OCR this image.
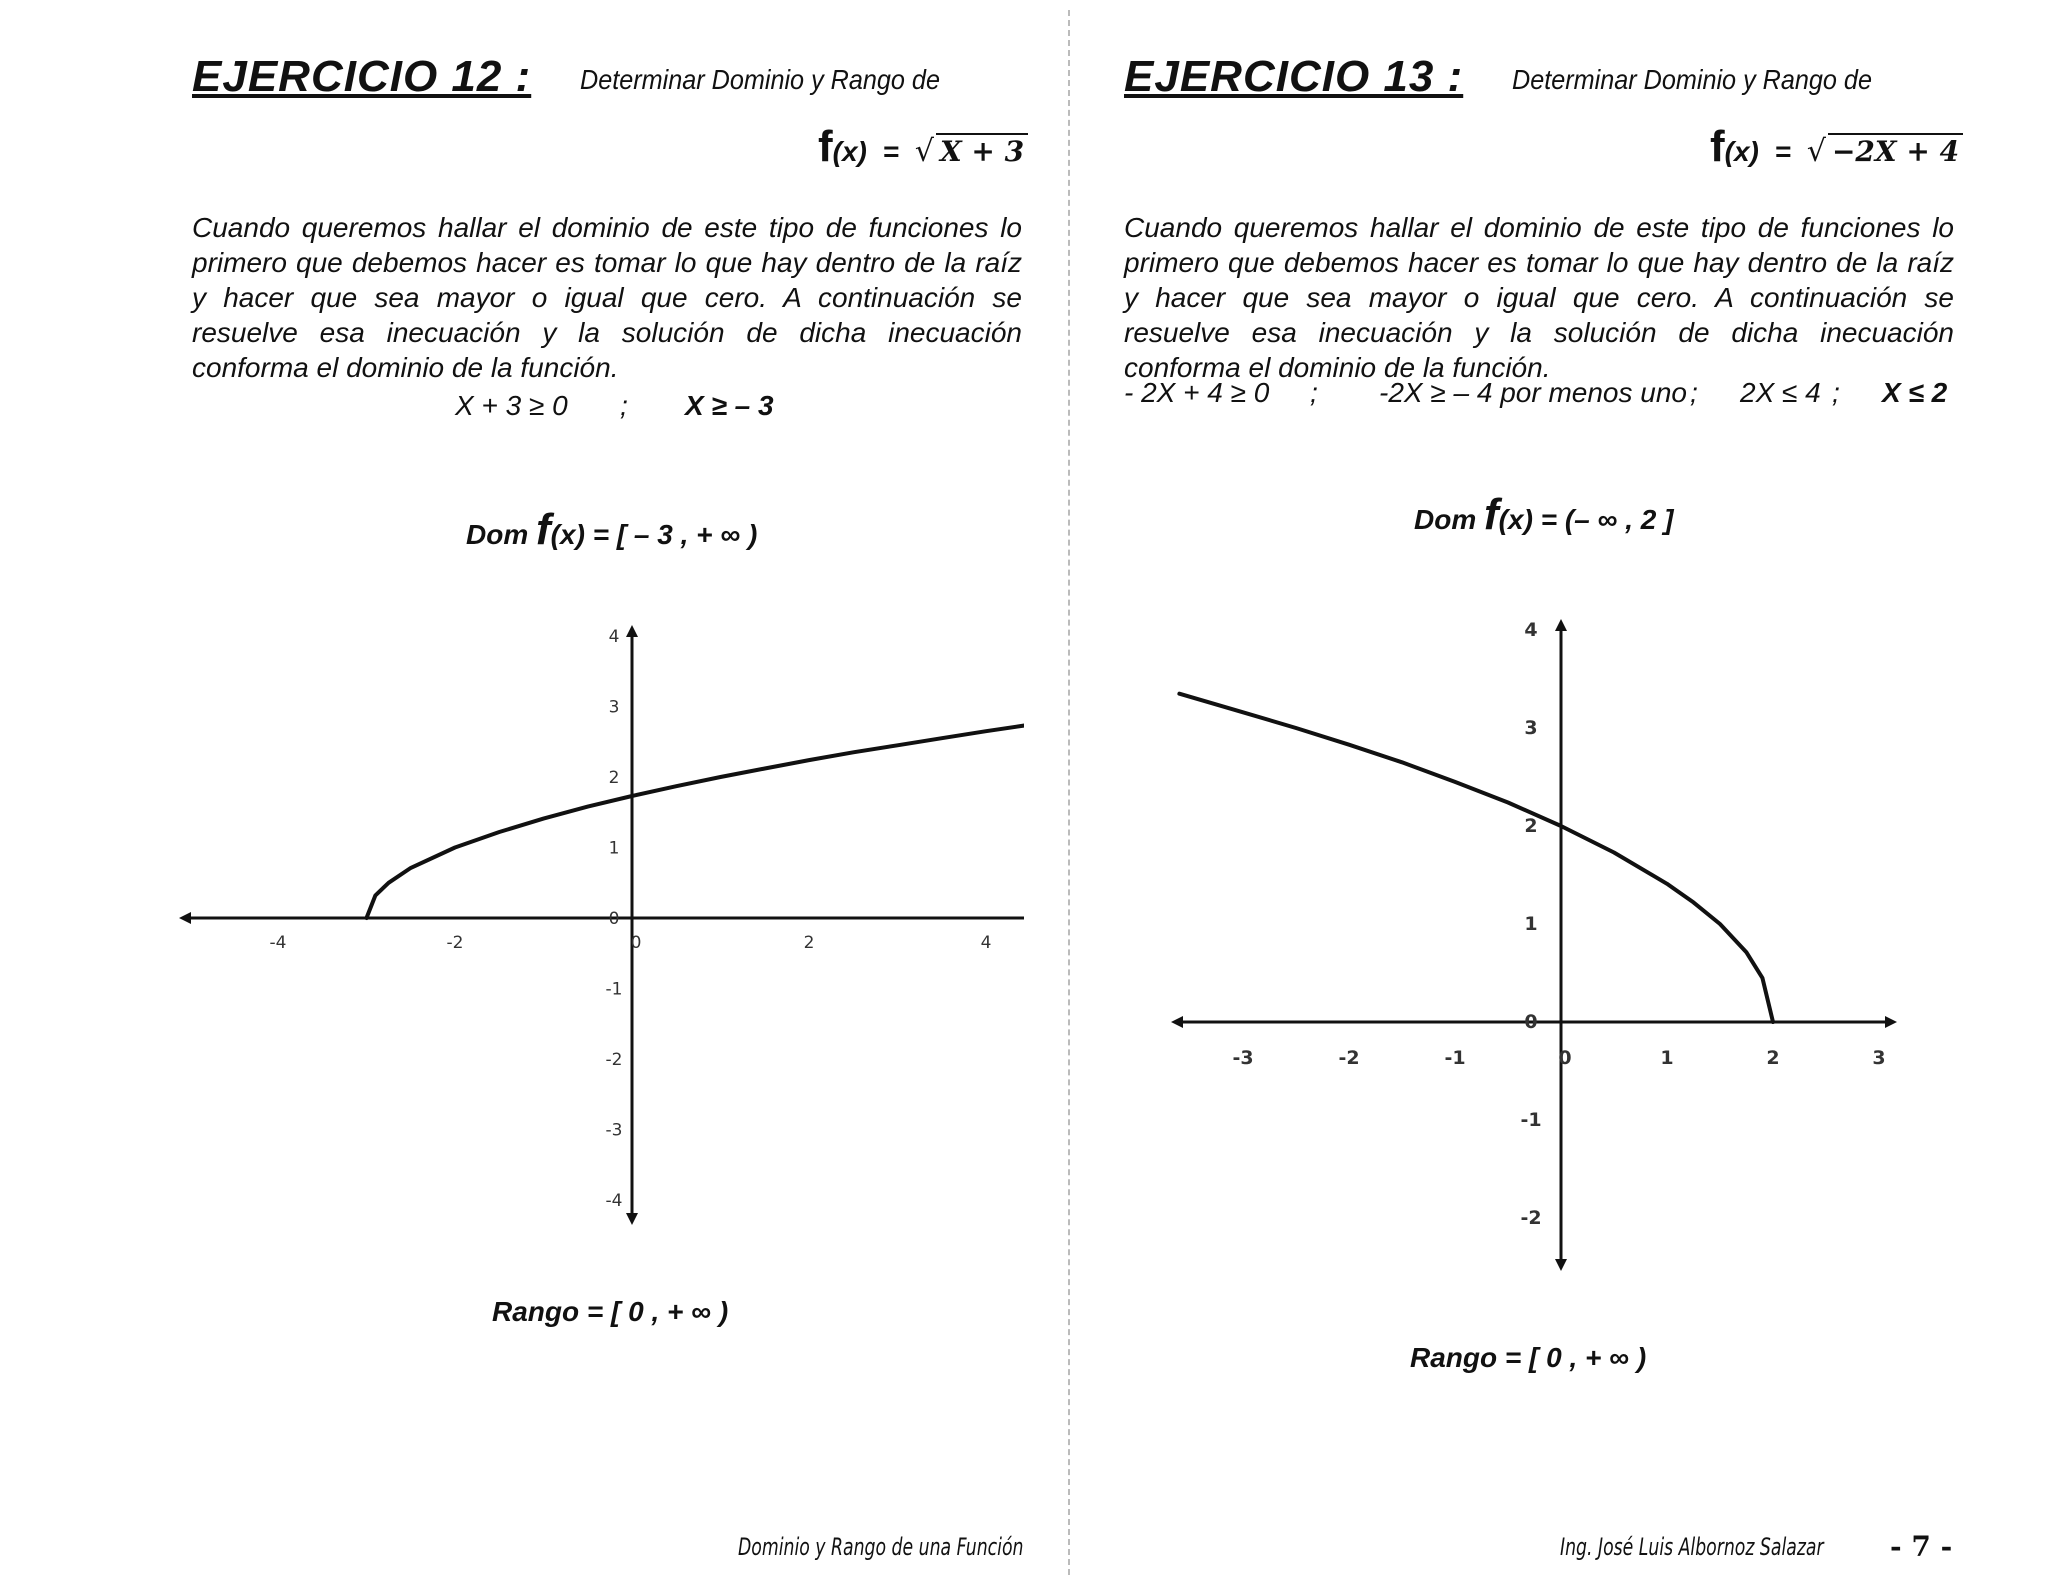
EJERCICIO 12 : Determinar Dominio y Rango de
f(x) = √ X + 3
Cuando queremos hallar el dominio de este tipo de funciones lo primero que debemos hacer es tomar lo que hay dentro de la raíz y hacer que sea mayor o igual que cero. A continuación se resuelve esa inecuación y la solución de dicha inecuación conforma el dominio de la función.
X + 3 ≥ 0 ; X ≥ – 3
Dom f(x) = [ – 3 , + ∞ )
-4	-2	0	2	4
-4
-3
-2
-1
0
1
2
3
4
Rango = [ 0 , + ∞ )
Dominio y Rango de una Función
EJERCICIO 13 : Determinar Dominio y Rango de
f(x) = √ −2X + 4
Cuando queremos hallar el dominio de este tipo de funciones lo primero que debemos hacer es tomar lo que hay dentro de la raíz y hacer que sea mayor o igual que cero. A continuación se resuelve esa inecuación y la solución de dicha inecuación conforma el dominio de la función.
- 2X + 4 ≥ 0 ; -2X ≥ – 4 por menos uno ; 2X ≤ 4 ; X ≤ 2
Dom f(x) = (– ∞ , 2 ]
-3	-2	-1	0	1	2	3
-2
-1
0
1
2
3
4
Rango = [ 0 , + ∞ )
Ing. José Luis Albornoz Salazar - 7 -
